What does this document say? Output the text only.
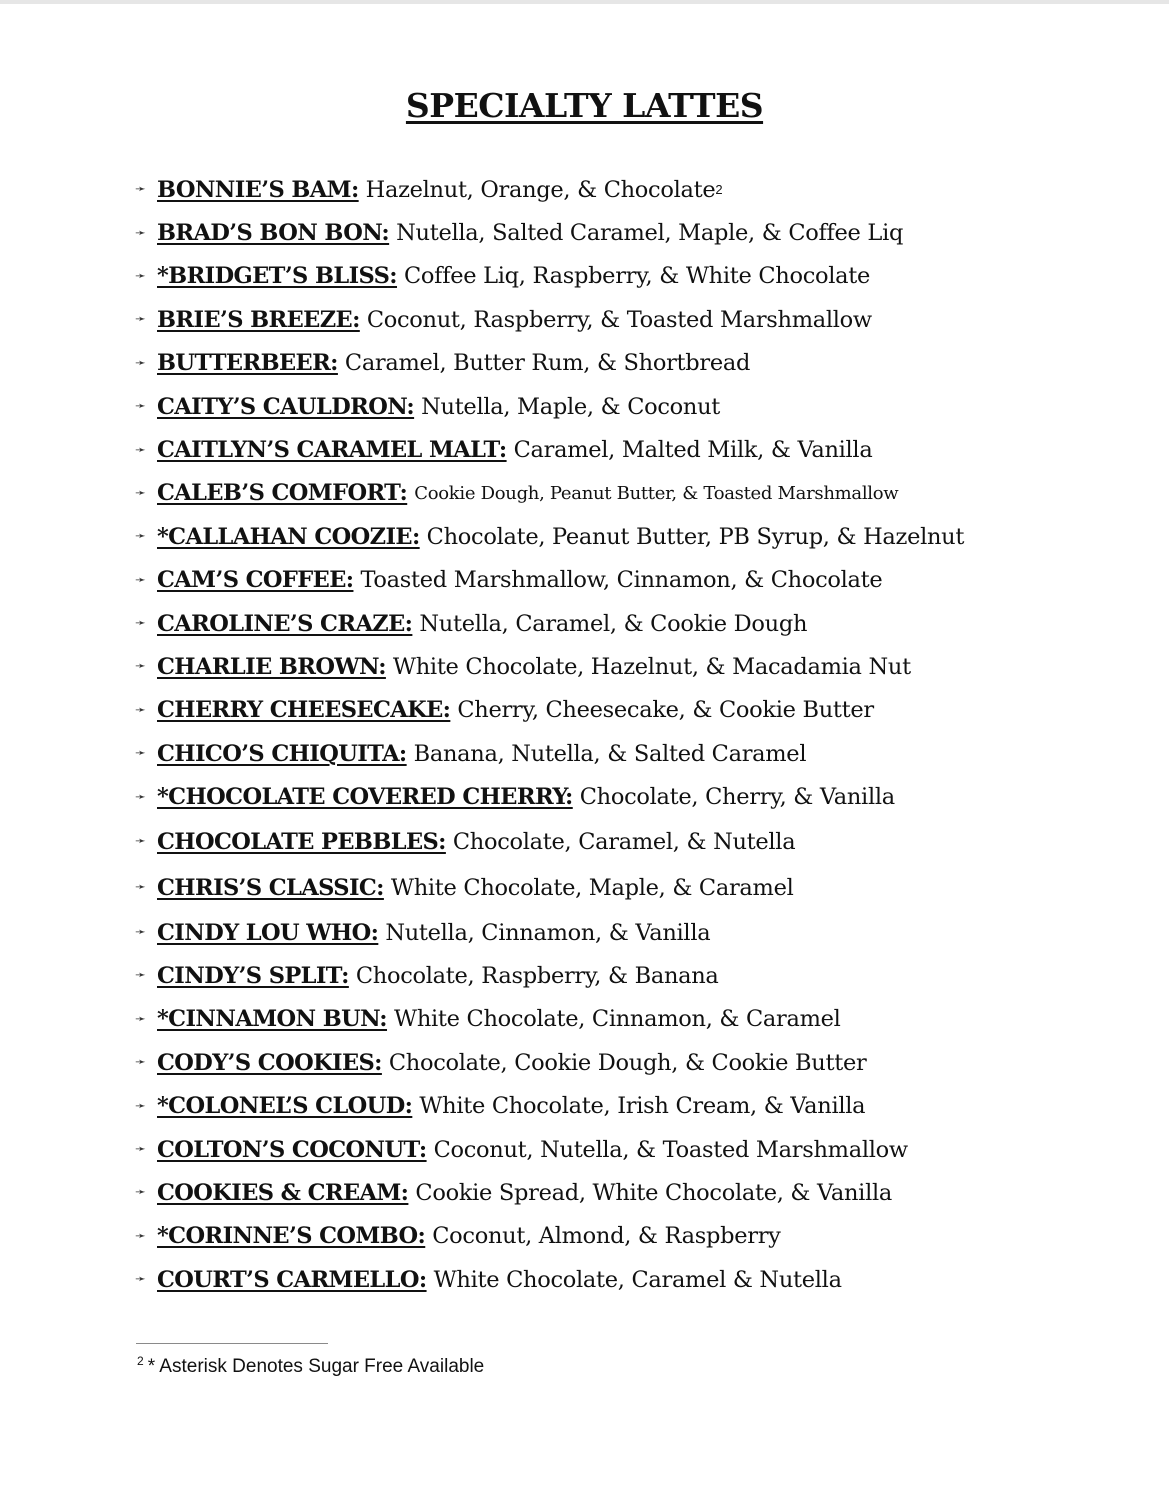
SPECIALTY LATTES
➛ BONNIE’S BAM: Hazelnut, Orange, & Chocolate 2
➛ BRAD’S BON BON: Nutella, Salted Caramel, Maple, & Coffee Liq
➛ *BRIDGET’S BLISS: Coffee Liq, Raspberry, & White Chocolate
➛ BRIE’S BREEZE: Coconut, Raspberry, & Toasted Marshmallow
➛ BUTTERBEER: Caramel, Butter Rum, & Shortbread
➛ CAITY’S CAULDRON: Nutella, Maple, & Coconut
➛ CAITLYN’S CARAMEL MALT: Caramel, Malted Milk, & Vanilla
➛ CALEB’S COMFORT: Cookie Dough, Peanut Butter, & Toasted Marshmallow
➛ *CALLAHAN COOZIE: Chocolate, Peanut Butter, PB Syrup, & Hazelnut
➛ CAM’S COFFEE: Toasted Marshmallow, Cinnamon, & Chocolate
➛ CAROLINE’S CRAZE: Nutella, Caramel, & Cookie Dough
➛ CHARLIE BROWN: White Chocolate, Hazelnut, & Macadamia Nut
➛ CHERRY CHEESECAKE: Cherry, Cheesecake, & Cookie Butter
➛ CHICO’S CHIQUITA: Banana, Nutella, & Salted Caramel
➛ *CHOCOLATE COVERED CHERRY: Chocolate, Cherry, & Vanilla
➛ CHOCOLATE PEBBLES: Chocolate, Caramel, & Nutella
➛ CHRIS’S CLASSIC: White Chocolate, Maple, & Caramel
➛ CINDY LOU WHO: Nutella, Cinnamon, & Vanilla
➛ CINDY’S SPLIT: Chocolate, Raspberry, & Banana
➛ *CINNAMON BUN: White Chocolate, Cinnamon, & Caramel
➛ CODY’S COOKIES: Chocolate, Cookie Dough, & Cookie Butter
➛ *COLONEL’S CLOUD: White Chocolate, Irish Cream, & Vanilla
➛ COLTON’S COCONUT: Coconut, Nutella, & Toasted Marshmallow
➛ COOKIES & CREAM: Cookie Spread, White Chocolate, & Vanilla
➛ *CORINNE’S COMBO: Coconut, Almond, & Raspberry
➛ COURT’S CARMELLO: White Chocolate, Caramel & Nutella
$^2$ * Asterisk Denotes Sugar Free Available
